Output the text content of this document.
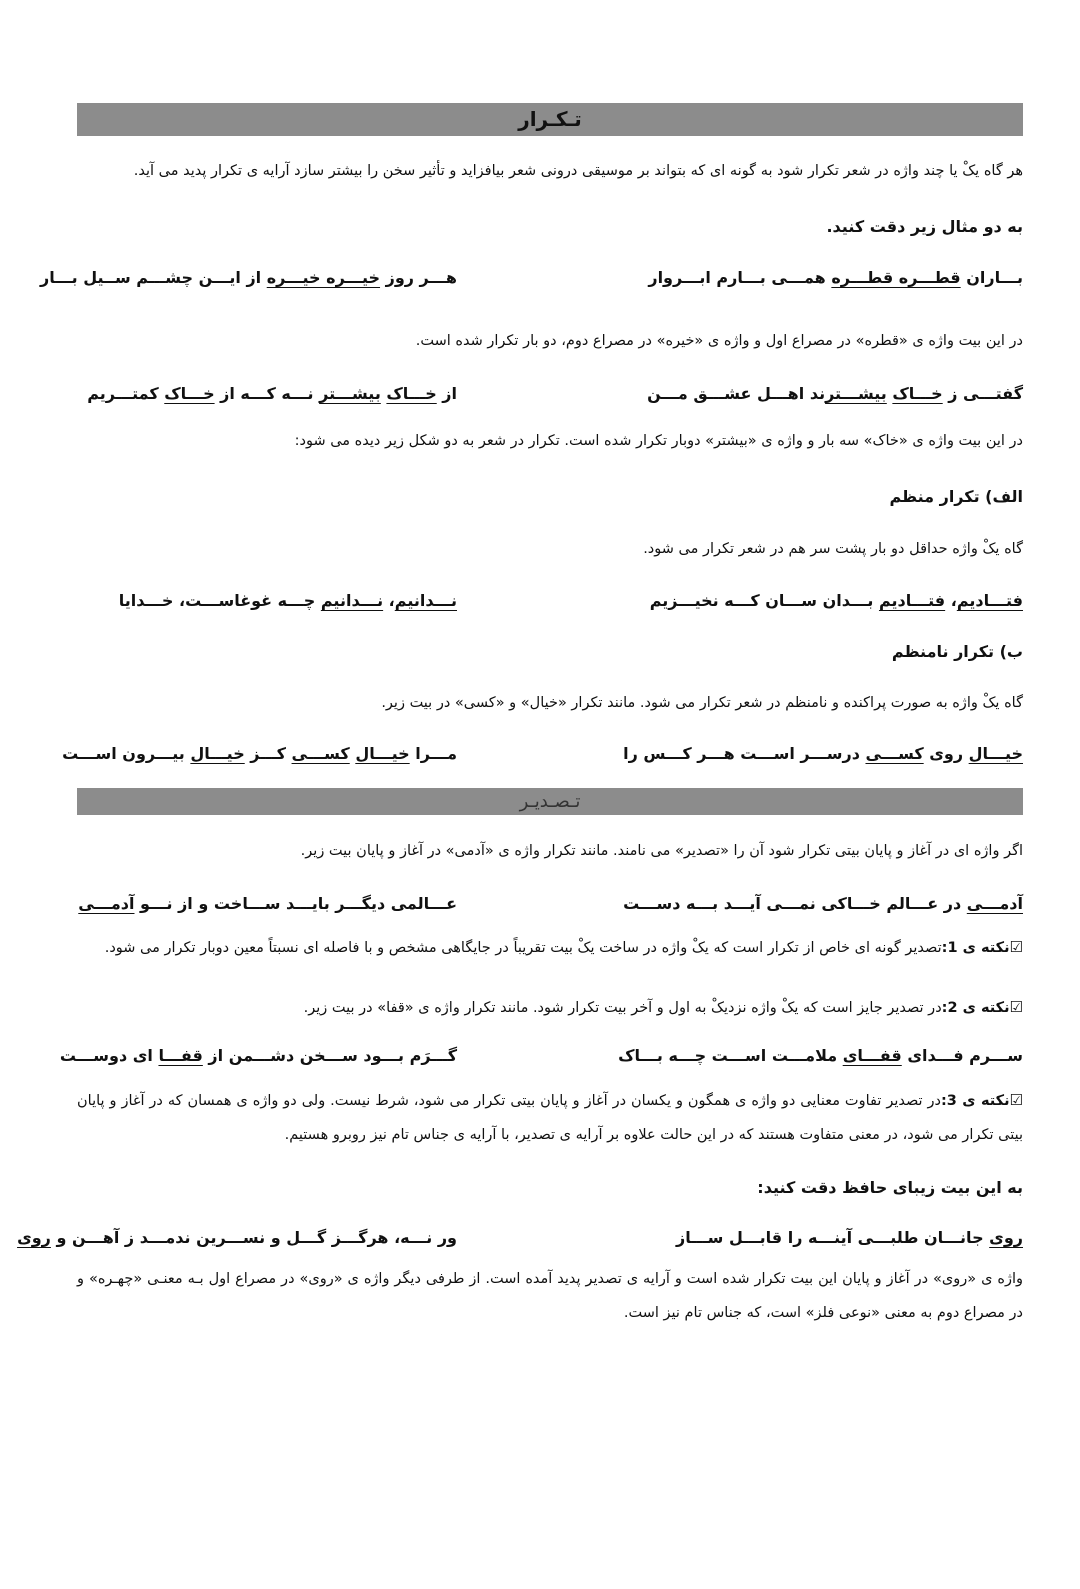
تـکـرار
هر گاه یکْ یا چند واژه در شعر تکرار شود به گونه ای که بتواند بر موسیقی درونی شعر بیافزاید و تأثیر سخن را بیشتر سازد آرایه ی تکرار پدید می آید.
به دو مثال زیر دقت کنید.
بـــاران قطـــره قطـــره همـــی بـــارم ابـــروار
هـــر روز خیـــره خیـــره از ایـــن چشـــم ســیل بـــار
در این بیت واژه ی «قطره» در مصراع اول و واژه ی «خیره» در مصراع دوم، دو بار تکرار شده است.
گفتـــی ز خـــاک بیشـــترند اهـــل عشـــق مـــن
از خـــاک بیشـــتر نـــه کـــه از خـــاک کمتـــریم
در این بیت واژه ی «خاک» سه بار و واژه ی «بیشتر» دوبار تکرار شده است. تکرار در شعر به دو شکل زیر دیده می شود:
الف) تکرار منظم
گاه یکْ واژه حداقل دو بار پشت سر هم در شعر تکرار می شود.
فتـــادیم، فتـــادیم بـــدان ســـان کـــه نخیـــزیم
نـــدانیم، نـــدانیم چـــه غوغاســـت، خـــدایا
ب) تکرار نامنظم
گاه یکْ واژه به صورت پراکنده و نامنظم در شعر تکرار می شود. مانند تکرار «خیال» و «کسی» در بیت زیر.
خیـــال روی کســـی درســـر اســـت هـــر کـــس را
مـــرا خیـــال کســـی کـــز خیـــال بیـــرون اســـت
تـصـدیـر
اگر واژه ای در آغاز و پایان بیتی تکرار شود آن را «تصدیر» می نامند. مانند تکرار واژه ی «آدمی» در آغاز و پایان بیت زیر.
آدمـــی در عـــالم خـــاکی نمـــی آیـــد بـــه دســـت
عـــالمی دیگـــر بایـــد ســـاخت و از نـــو آدمـــی
☑نکته ی 1:تصدیر گونه ای خاص از تکرار است که یکْ واژه در ساخت یکْ بیت تقریباً در جایگاهی مشخص و با فاصله ای نسبتاً معین دوبار تکرار می شود.
☑نکته ی 2:در تصدیر جایز است که یکْ واژه نزدیکْ به اول و آخر بیت تکرار شود. مانند تکرار واژه ی «قفا» در بیت زیر.
ســـرم فـــدای قفـــای ملامـــت اســـت چـــه بـــاک
گـــرَم بـــود ســـخن دشـــمن از قفـــا ای دوســـت
☑نکته ی 3:در تصدیر تفاوت معنایی دو واژه ی همگون و یکسان در آغاز و پایان بیتی تکرار می شود، شرط نیست. ولی دو واژه ی همسان که در آغاز و پایان بیتی تکرار می شود، در معنی متفاوت هستند که در این حالت علاوه بر آرایه ی تصدیر، با آرایه ی جناس تام نیز روبرو هستیم.
به این بیت زیبای حافظ دقت کنید:
روی جانـــان طلبـــی آینـــه را قابـــل ســـاز
ور نـــه، هرگـــز گـــل و نســـرین ندمـــد ز آهـــن و روی
واژه ی «روی» در آغاز و پایان این بیت تکرار شده است و آرایه ی تصدیر پدید آمده است. از طرفی دیگر واژه ی «روی» در مصراع اول بـه معنـی «چهـره» و در مصراع دوم به معنی «نوعی فلز» است، که جناس تام نیز است.
